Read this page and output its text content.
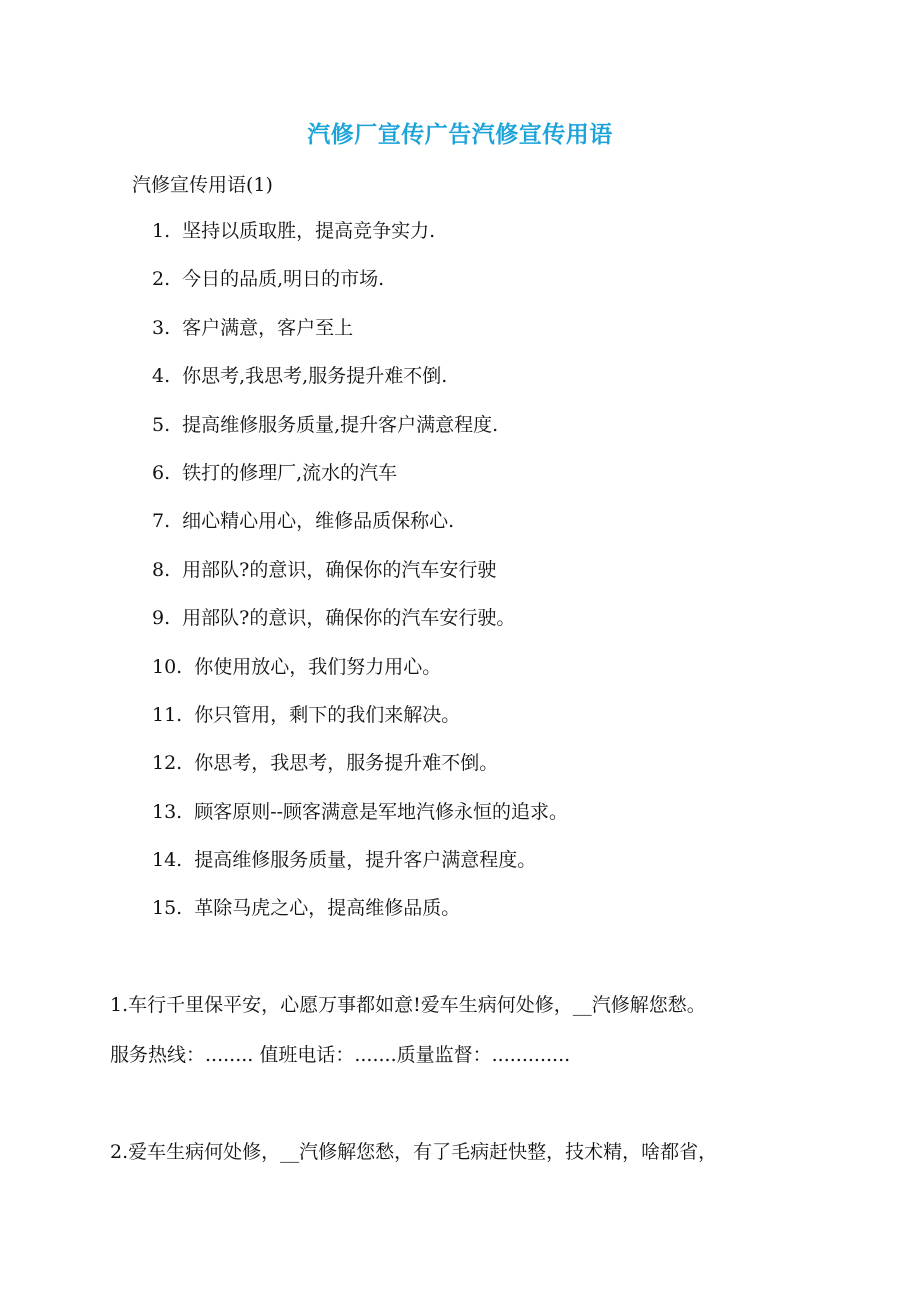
汽修厂宣传广告汽修宣传用语
汽修宣传用语(1)
1. 坚持以质取胜，提高竞争实力.
2. 今日的品质,明日的市场.
3. 客户满意，客户至上
4. 你思考,我思考,服务提升难不倒.
5. 提高维修服务质量,提升客户满意程度.
6. 铁打的修理厂,流水的汽车
7. 细心精心用心，维修品质保称心.
8. 用部队?的意识，确保你的汽车安行驶
9. 用部队?的意识，确保你的汽车安行驶。
10. 你使用放心，我们努力用心。
11. 你只管用，剩下的我们来解决。
12. 你思考，我思考，服务提升难不倒。
13. 顾客原则--顾客满意是军地汽修永恒的追求。
14. 提高维修服务质量，提升客户满意程度。
15. 革除马虎之心，提高维修品质。
1.车行千里保平安，心愿万事都如意!爱车生病何处修，__汽修解您愁。
服务热线：........ 值班电话：.......质量监督：.............
2.爱车生病何处修，__汽修解您愁，有了毛病赶快整，技术精，啥都省，
